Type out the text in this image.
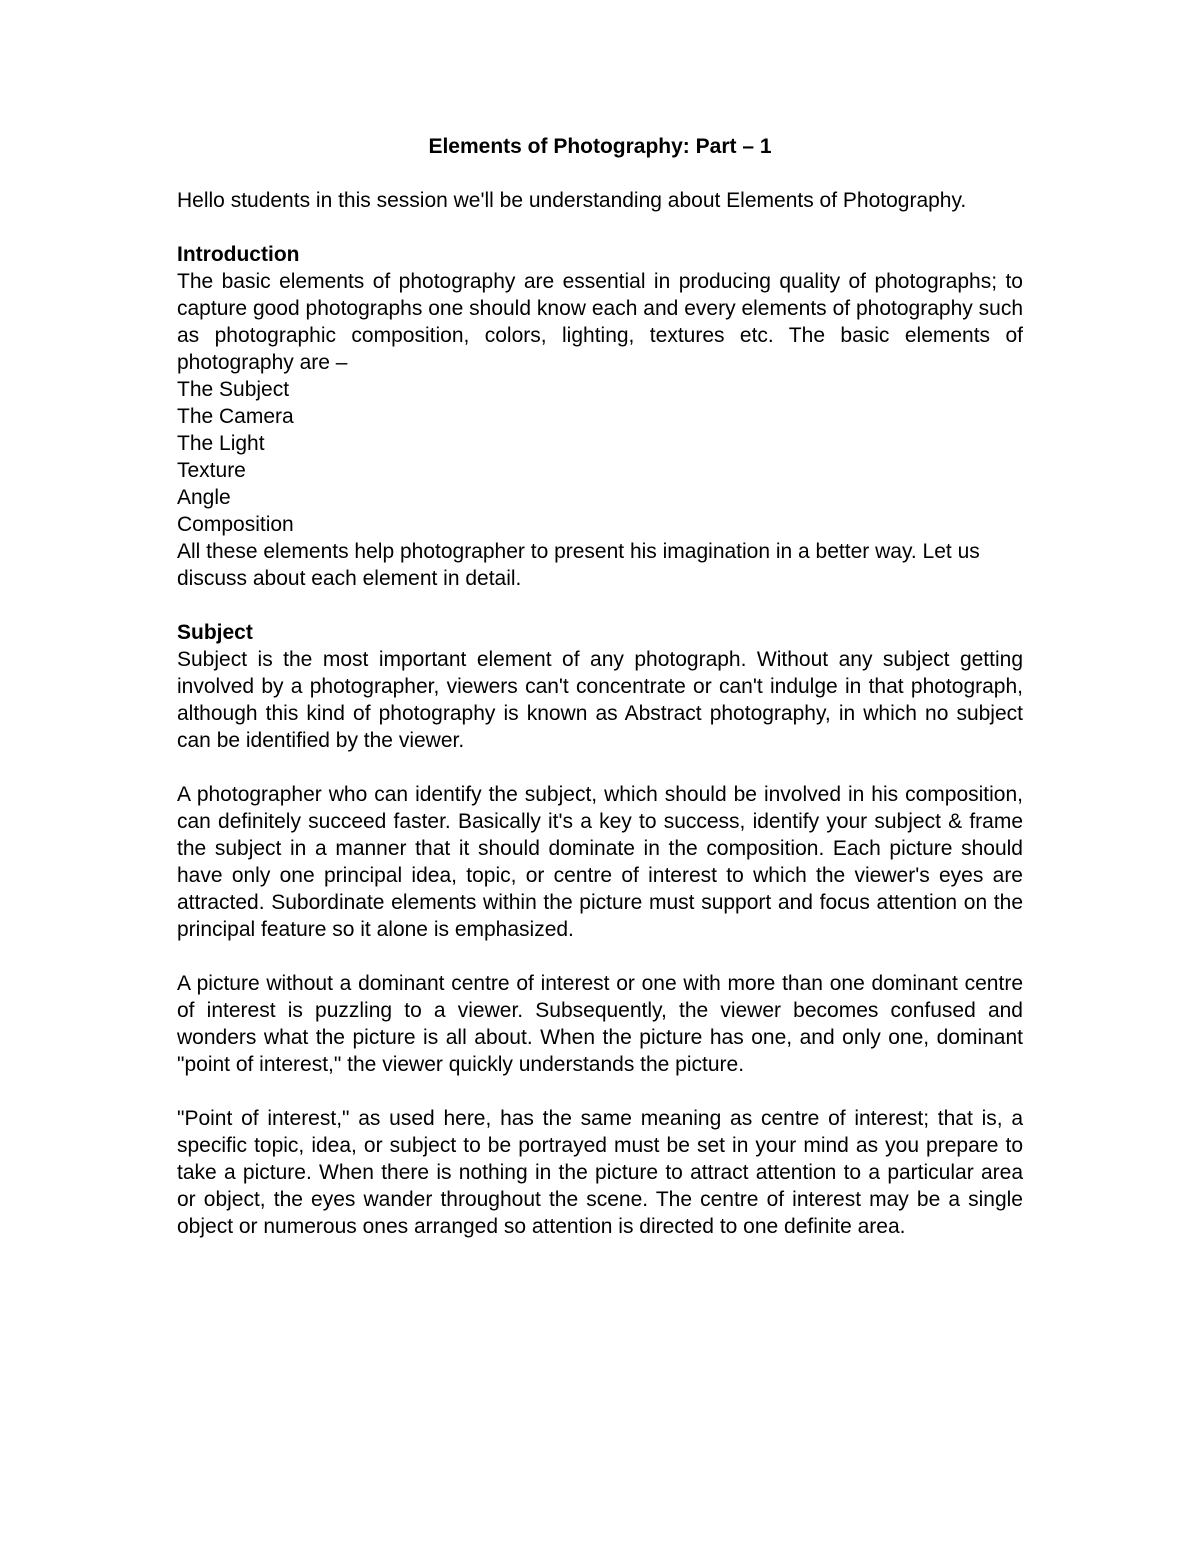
Elements of Photography: Part – 1

Hello students in this session we'll be understanding about Elements of Photography.

Introduction

The basic elements of photography are essential in producing quality of photographs; to capture good photographs one should know each and every elements of photography such as photographic composition, colors, lighting, textures etc. The basic elements of photography are –

The Subject
The Camera
The Light
Texture
Angle
Composition

All these elements help photographer to present his imagination in a better way. Let us discuss about each element in detail.

Subject

Subject is the most important element of any photograph. Without any subject getting involved by a photographer, viewers can't concentrate or can't indulge in that photograph, although this kind of photography is known as Abstract photography, in which no subject can be identified by the viewer.

A photographer who can identify the subject, which should be involved in his composition, can definitely succeed faster. Basically it's a key to success, identify your subject & frame the subject in a manner that it should dominate in the composition. Each picture should have only one principal idea, topic, or centre of interest to which the viewer's eyes are attracted. Subordinate elements within the picture must support and focus attention on the principal feature so it alone is emphasized.

A picture without a dominant centre of interest or one with more than one dominant centre of interest is puzzling to a viewer. Subsequently, the viewer becomes confused and wonders what the picture is all about. When the picture has one, and only one, dominant "point of interest," the viewer quickly understands the picture.

"Point of interest," as used here, has the same meaning as centre of interest; that is, a specific topic, idea, or subject to be portrayed must be set in your mind as you prepare to take a picture. When there is nothing in the picture to attract attention to a particular area or object, the eyes wander throughout the scene. The centre of interest may be a single object or numerous ones arranged so attention is directed to one definite area.
